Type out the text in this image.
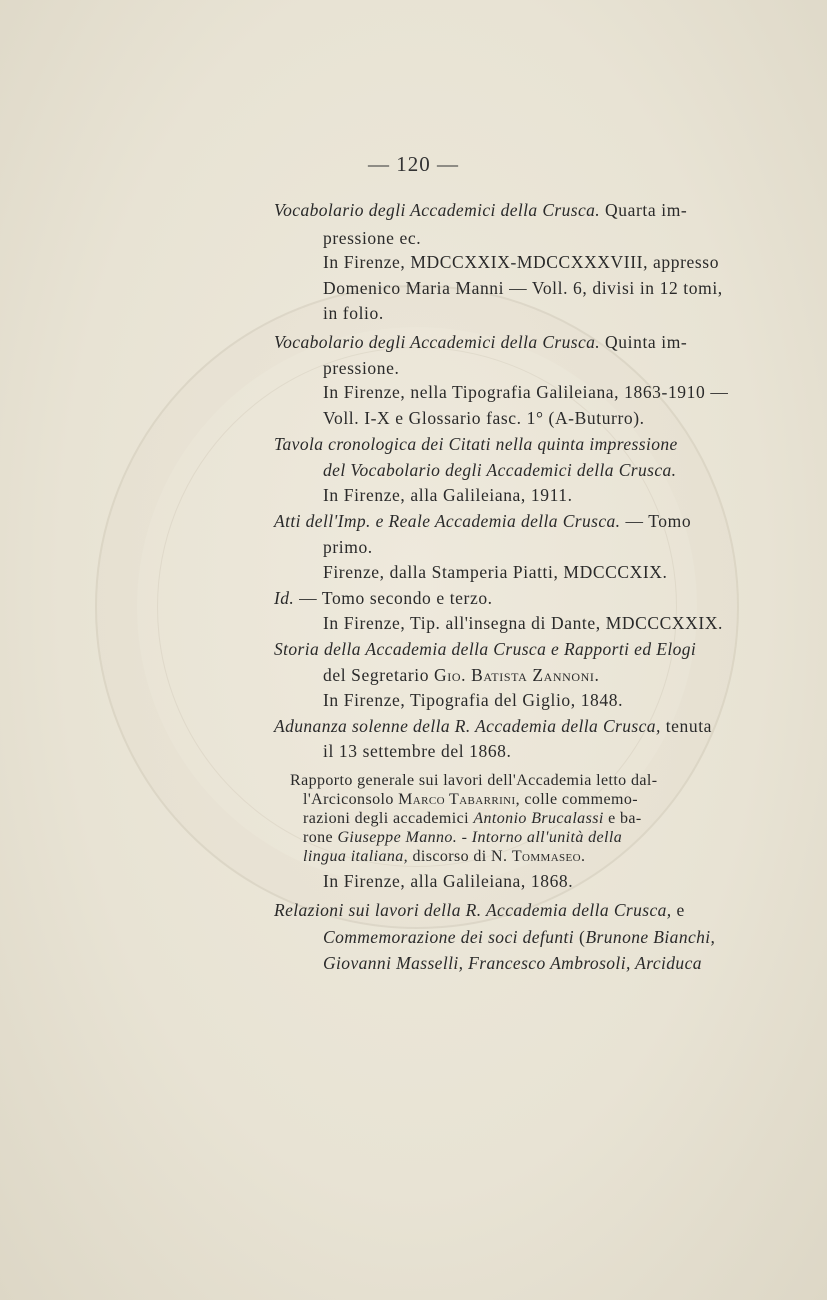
— 120 —
Vocabolario degli Accademici della Crusca. Quarta im-
pressione ec.
In Firenze, MDCCXXIX-MDCCXXXVIII, appresso
Domenico Maria Manni — Voll. 6, divisi in 12 tomi,
in folio.
Vocabolario degli Accademici della Crusca. Quinta im-
pressione.
In Firenze, nella Tipografia Galileiana, 1863-1910 —
Voll. I-X e Glossario fasc. 1° (A-Buturro).
Tavola cronologica dei Citati nella quinta impressione
del Vocabolario degli Accademici della Crusca.
In Firenze, alla Galileiana, 1911.
Atti dell'Imp. e Reale Accademia della Crusca. — Tomo
primo.
Firenze, dalla Stamperia Piatti, MDCCCXIX.
Id. — Tomo secondo e terzo.
In Firenze, Tip. all'insegna di Dante, MDCCCXXIX.
Storia della Accademia della Crusca e Rapporti ed Elogi
del Segretario Gio. Batista Zannoni.
In Firenze, Tipografia del Giglio, 1848.
Adunanza solenne della R. Accademia della Crusca, tenuta
il 13 settembre del 1868.
Rapporto generale sui lavori dell'Accademia letto dal-
l'Arciconsolo Marco Tabarrini, colle commemo-
razioni degli accademici Antonio Brucalassi e ba-
rone Giuseppe Manno. - Intorno all'unità della
lingua italiana, discorso di N. Tommaseo.
In Firenze, alla Galileiana, 1868.
Relazioni sui lavori della R. Accademia della Crusca, e
Commemorazione dei soci defunti (Brunone Bianchi,
Giovanni Masselli, Francesco Ambrosoli, Arciduca
